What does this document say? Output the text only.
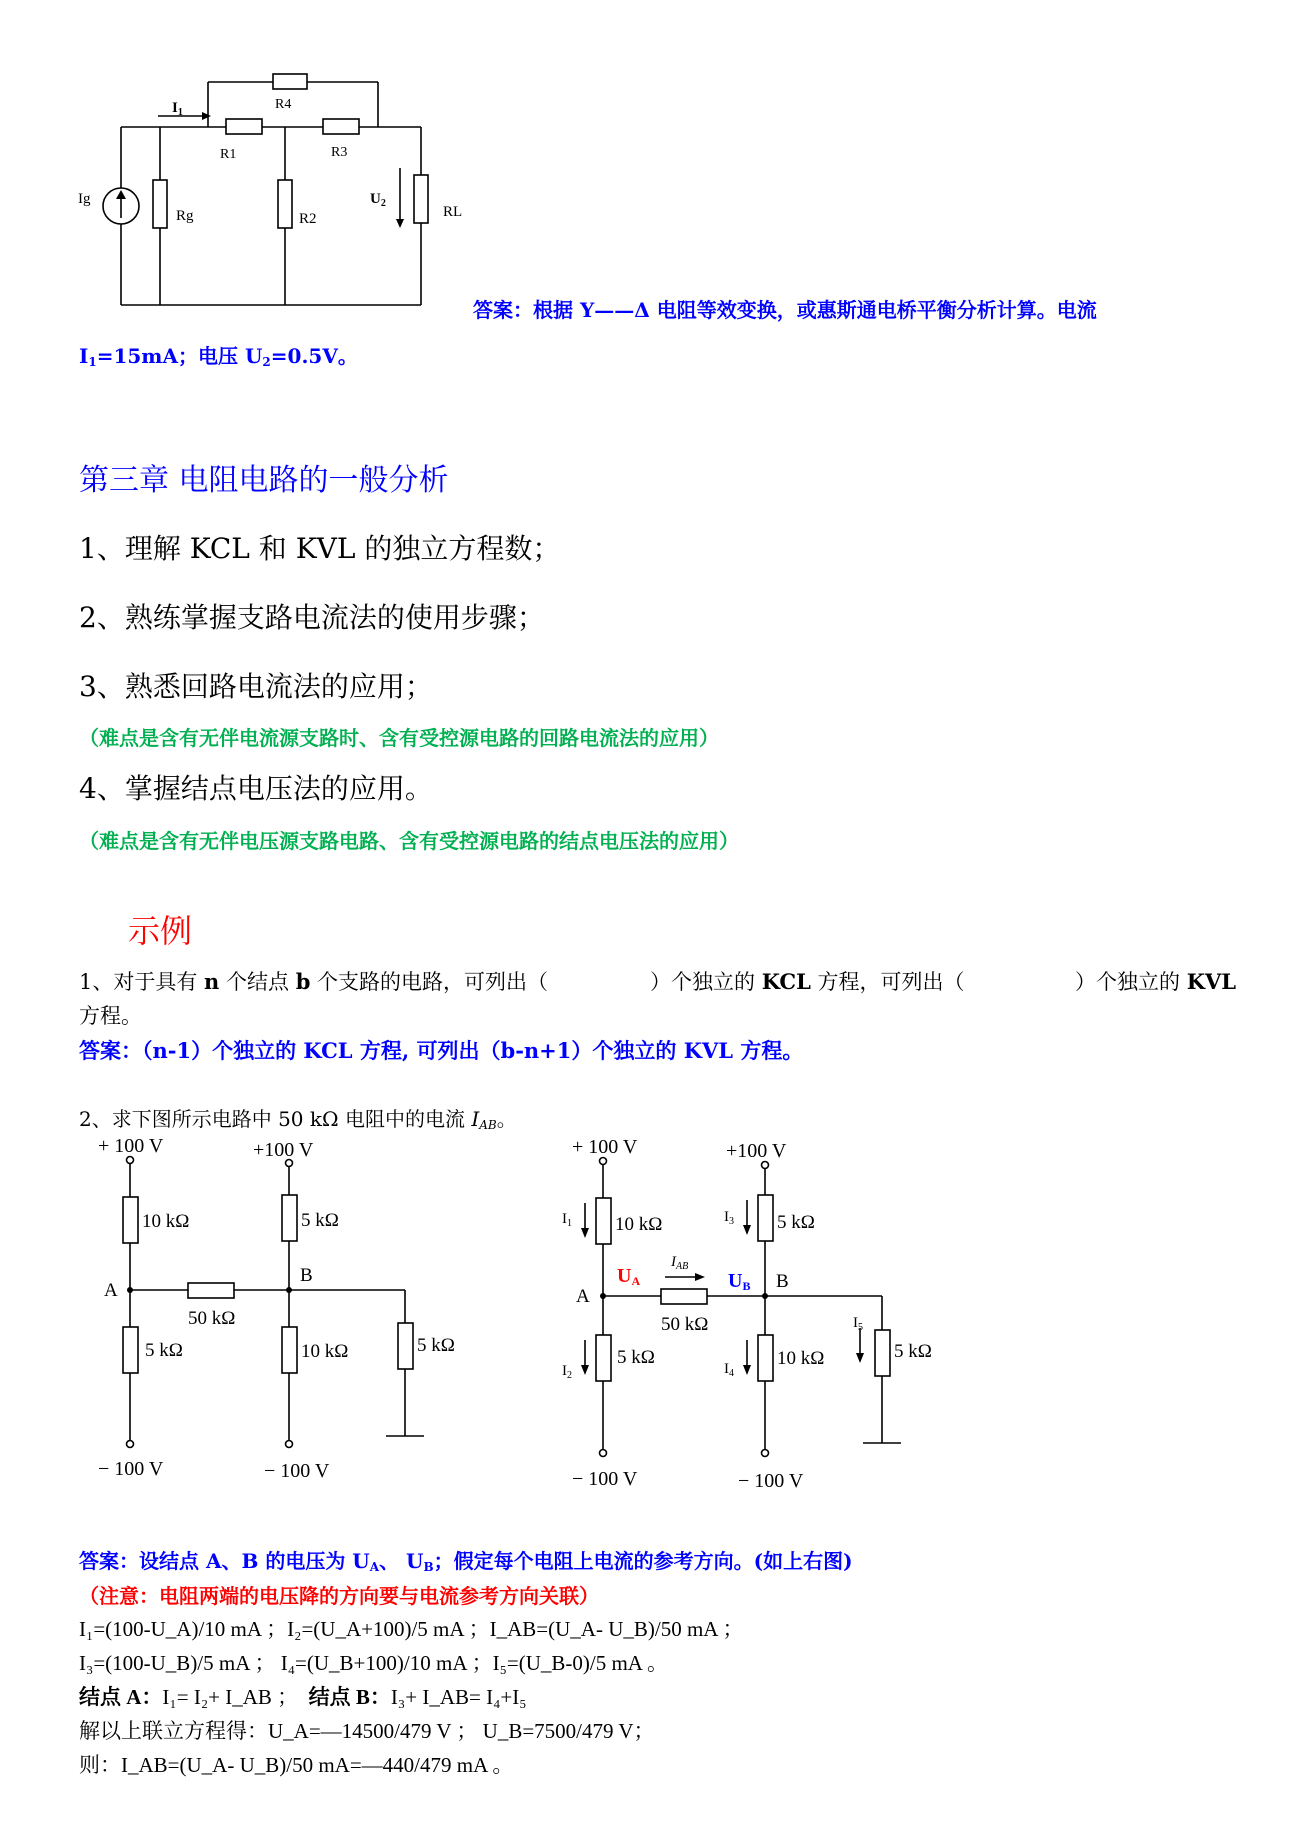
$I_1$
R4
R1	R3
Ig
Rg	R2
$U_2$
RL
答案：根据 Y——Δ 电阻等效变换，或惠斯通电桥平衡分析计算。电流
$I_1=15mA$；电压 $U_2=0.5V$。
第三章 电阻电路的一般分析
1、理解 KCL 和 KVL 的独立方程数；
2、熟练掌握支路电流法的使用步骤；
3、熟悉回路电流法的应用；
（难点是含有无伴电流源支路时、含有受控源电路的回路电流法的应用）
4、掌握结点电压法的应用。
（难点是含有无伴电压源支路电路、含有受控源电路的结点电压法的应用）
示例
1、对于具有 n 个结点 b 个支路的电路，可列出（	）个独立的 KCL 方程，可列出（	）个独立的 KVL
方程。
答案：（n-1）个独立的 KCL 方程, 可列出（b-n+1）个独立的 KVL 方程。
2、求下图所示电路中 50 kΩ 电阻中的电流 $I_{AB}$。
+ 100 V	+100 V
10 kΩ	5 kΩ
A
B
50 kΩ
5 kΩ	10 kΩ	5 kΩ
− 100 V	− 100 V
+ 100 V	+100 V
$I_1$ 10 kΩ	$I_3$ 5 kΩ
UA
$I_{AB}$
UB
A
B
50 kΩ	$I_5$
$I_2$
5 kΩ
$I_4$
10 kΩ	5 kΩ
− 100 V	− 100 V
答案：设结点 A、B 的电压为 $U_A$、 $U_B$；假定每个电阻上电流的参考方向。(如上右图)
（注意：电阻两端的电压降的方向要与电流参考方向关联）
I₁=(100-U_A)/10 mA ；I₂=(U_A+100)/5 mA ；I_AB=(U_A- U_B)/50 mA ；
I₃=(100-U_B)/5 mA ； I₄=(U_B+100)/10 mA ；I₅=(U_B-0)/5 mA 。
结点 A：I₁= I₂+ I_AB ； 结点 B：I₃+ I_AB= I₄+I₅
解以上联立方程得：U_A=—14500/479 V ； U_B=7500/479 V；
则：I_AB=(U_A- U_B)/50 mA=—440/479 mA 。
